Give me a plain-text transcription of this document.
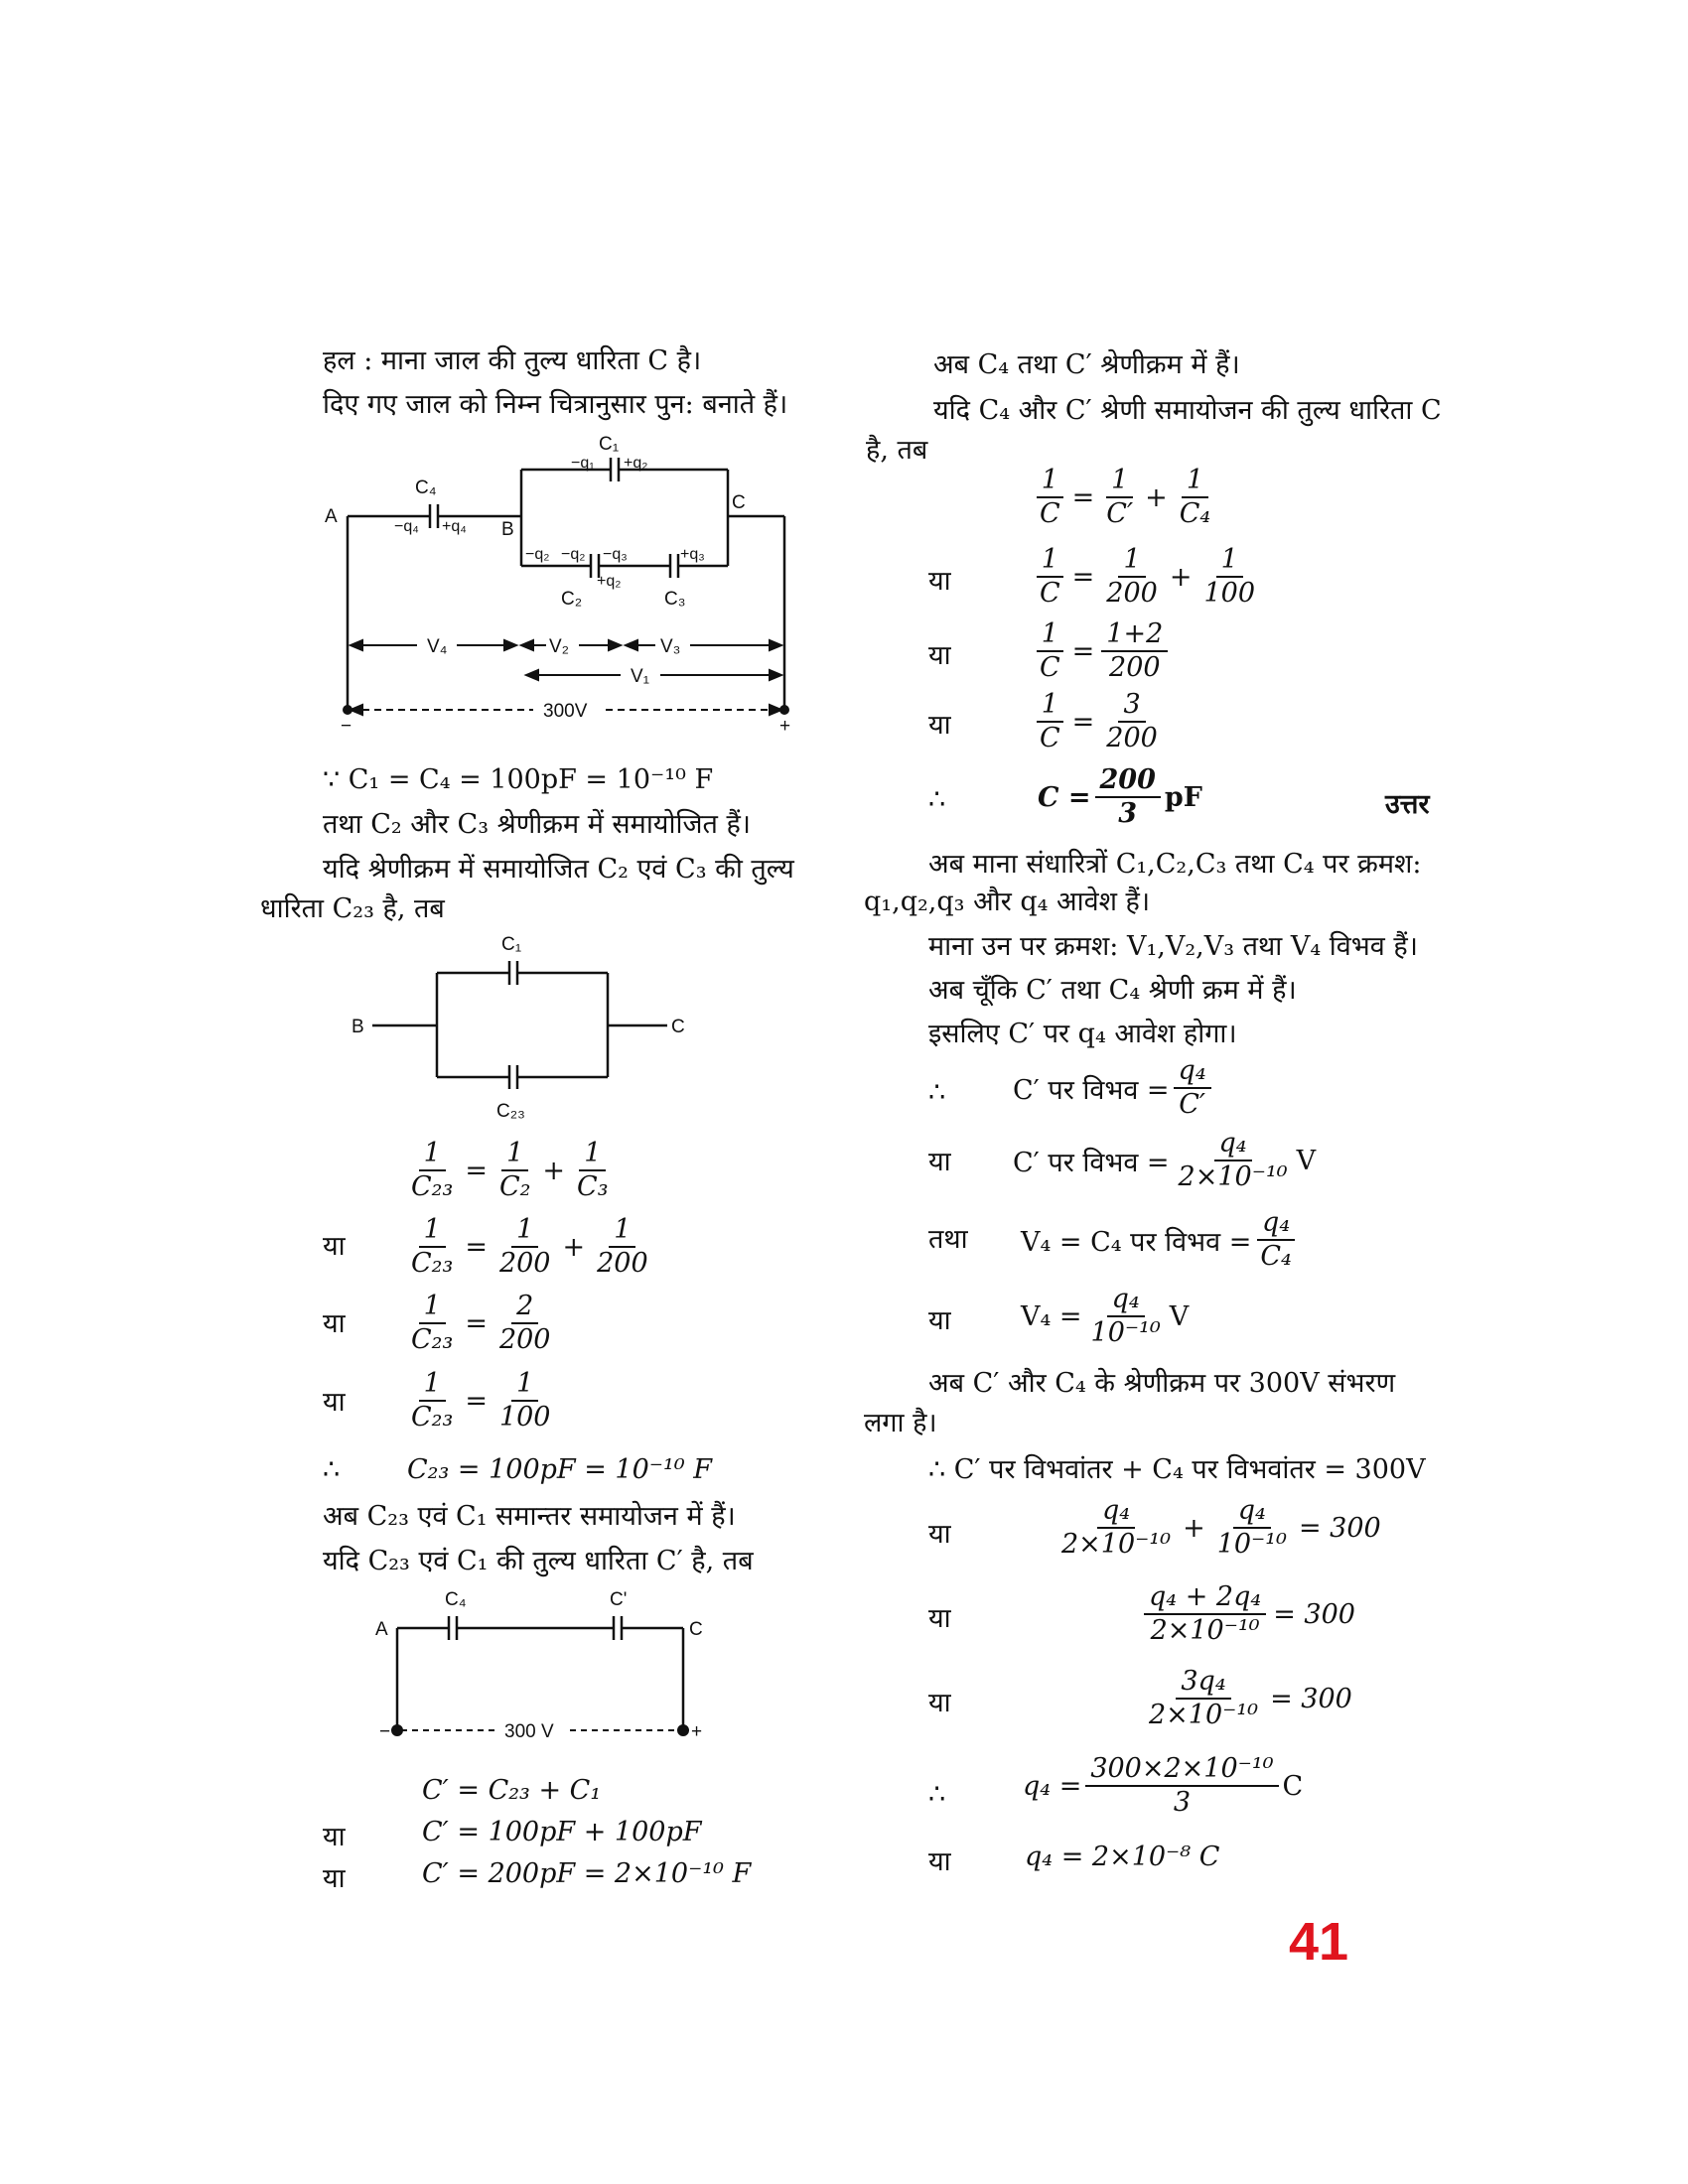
हल : माना जाल की तुल्य धारिता C है।
दिए गए जाल को निम्न चित्रानुसार पुन: बनाते हैं।
A
B
C
C₄
C₁
−q₁ +q₂
−q₄ +q₄
−q₂	−q₃
−q₂
+q₂
+q₃
C₂	C₃
V₄	V₂	V₃
V₁
300V
−	+
∵ C₁ = C₄ = 100pF = 10⁻¹⁰ F
तथा C₂ और C₃ श्रेणीक्रम में समायोजित हैं।
यदि श्रेणीक्रम में समायोजित C₂ एवं C₃ की तुल्य
धारिता C₂₃ है, तब
B	C
C₁
C₂₃
$\frac{1}{\text{C₂₃}} = \frac{1}{\text{C₂}} + \frac{1}{\text{C₃}}$
या $\frac{1}{\text{C₂₃}} = \frac{1}{200} + \frac{1}{200}$
या $\frac{1}{\text{C₂₃}} = \frac{2}{200}$
या $\frac{1}{\text{C₂₃}} = \frac{1}{100}$
∴	C₂₃ = 100pF = 10⁻¹⁰ F
अब C₂₃ एवं C₁ समान्तर समायोजन में हैं।
यदि C₂₃ एवं C₁ की तुल्य धारिता C′ है, तब
A	C
C₄	C'
300 V
−	+
C′ = C₂₃ + C₁
या	C′ = 100pF + 100pF
या	C′ = 200pF = 2×10⁻¹⁰ F
अब C₄ तथा C′ श्रेणीक्रम में हैं।
यदि C₄ और C′ श्रेणी समायोजन की तुल्य धारिता C
है, तब
$\frac{1}{C} = \frac{1}{C'} + \frac{1}{\text{C₄}}$
या	$\frac{1}{C} = \frac{1}{200} + \frac{1}{100}$
या	$\frac{1}{C} = \frac{1+2}{200}$
या	$\frac{1}{C} = \frac{3}{200}$
∴	$C = \frac{200}{3}$ pF	उत्तर
अब माना संधारित्रों C₁,C₂,C₃ तथा C₄ पर क्रमश:
q₁,q₂,q₃ और q₄ आवेश हैं।
माना उन पर क्रमश: V₁,V₂,V₃ तथा V₄ विभव हैं।
अब चूँकि C′ तथा C₄ श्रेणी क्रम में हैं।
इसलिए C′ पर q₄ आवेश होगा।
∴	C′ पर विभव = $\frac{\text{q₄}}{C'}$
या C′ पर विभव = $\frac{\text{q₄}}{\text{2×10⁻¹⁰}}$ V
तथा V₄ = C₄ पर विभव = $\frac{\text{q₄}}{\text{C₄}}$
या	$V_4 = \frac{\text{q₄}}{\text{10⁻¹⁰}}$ V
अब C′ और C₄ के श्रेणीक्रम पर 300V संभरण
लगा है।
∴ C′ पर विभवांतर + C₄ पर विभवांतर = 300V
या	$\frac{\text{q₄}}{\text{2×10⁻¹⁰}} + \frac{\text{q₄}}{\text{10⁻¹⁰}} = 300$
या	$\frac{\text{q₄ + 2q₄}}{\text{2×10⁻¹⁰}} = 300$
या	$\frac{\text{3q₄}}{\text{2×10⁻¹⁰}} = 300$
∴	$q_4 = \frac{\text{300×2×10⁻¹⁰}}{3}$ C
या	q₄ = 2×10⁻⁸ C
41
